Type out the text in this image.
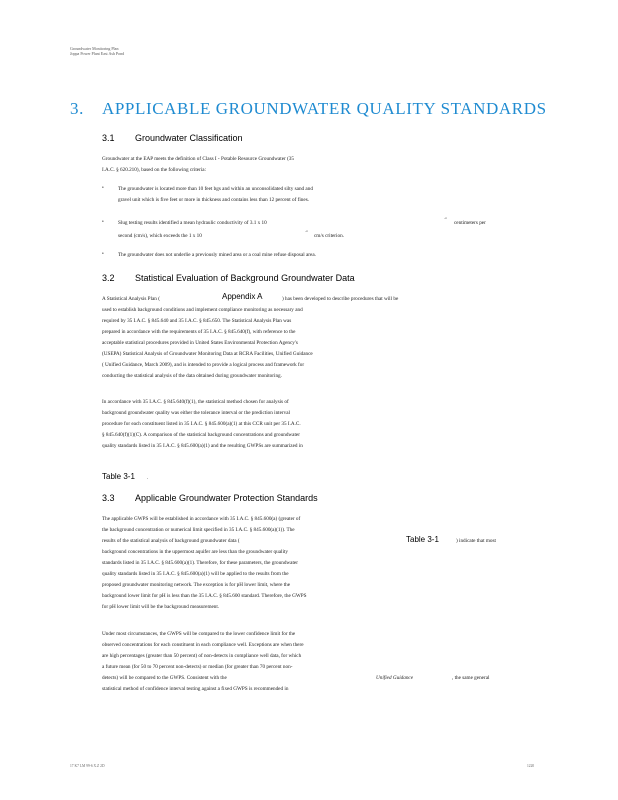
Groundwater Monitoring Plan
Joppa Power Plant East Ash Pond
3. APPLICABLE GROUNDWATER QUALITY STANDARDS
3.1 Groundwater Classification
Groundwater at the EAP meets the definition of Class I - Potable Resource Groundwater (35
I.A.C. § 620.210), based on the following criteria:
•	The groundwater is located more than 10 feet bgs and within an unconsolidated silty sand and
gravel unit which is five feet or more in thickness and contains less than 12 percent of fines.
•	Slug testing results identified a mean hydraulic conductivity of 3.1 x 10
-4
centimeters per
second (cm/s), which exceeds the 1 x 10
-4
cm/s criterion.
•	The groundwater does not underlie a previously mined area or a coal mine refuse disposal area.
3.2 Statistical Evaluation of Background Groundwater Data
A Statistical Analysis Plan (	Appendix A	) has been developed to describe procedures that will be
used to establish background conditions and implement compliance monitoring as necessary and
required by 35 I.A.C. § 845.640 and 35 I.A.C. § 845.650. The Statistical Analysis Plan was
prepared in accordance with the requirements of 35 I.A.C. § 845.640(f), with reference to the
acceptable statistical procedures provided in United States Environmental Protection Agency's
(USEPA) Statistical Analysis of Groundwater Monitoring Data at RCRA Facilities, Unified Guidance
( Unified Guidance, March 2009), and is intended to provide a logical process and framework for
conducting the statistical analysis of the data obtained during groundwater monitoring.
In accordance with 35 I.A.C. § 845.640(f)(1), the statistical method chosen for analysis of
background groundwater quality was either the tolerance interval or the prediction interval
procedure for each constituent listed in 35 I.A.C. § 845.600(a)(1) at this CCR unit per 35 I.A.C.
§ 845.640(f)(1)(C). A comparison of the statistical background concentrations and groundwater
quality standards listed in 35 I.A.C. § 845.600(a)(1) and the resulting GWPSs are summarized in
Table 3-1 .
3.3 Applicable Groundwater Protection Standards
The applicable GWPS will be established in accordance with 35 I.A.C. § 845.600(a) (greater of
the background concentration or numerical limit specified in 35 I.A.C. § 845.600(a)(1)). The
results of the statistical analysis of background groundwater data (	Table 3-1	) indicate that most
background concentrations in the uppermost aquifer are less than the groundwater quality
standards listed in 35 I.A.C. § 845.600(a)(1). Therefore, for these parameters, the groundwater
quality standards listed in 35 I.A.C. § 845.600(a)(1) will be applied to the results from the
proposed groundwater monitoring network. The exception is for pH lower limit, where the
background lower limit for pH is less than the 35 I.A.C. § 845.600 standard. Therefore, the GWPS
for pH lower limit will be the background measurement.
Under most circumstances, the GWPS will be compared to the lower confidence limit for the
observed concentrations for each constituent in each compliance well. Exceptions are when there
are high percentages (greater than 50 percent) of non-detects in compliance well data, for which
a future mean (for 50 to 70 percent non-detects) or median (for greater than 70 percent non-
detects) will be compared to the GWPS. Consistent with the	Unified Guidance	, the same general
statistical method of confidence interval testing against a fixed GWPS is recommended in
17 K7 LM 99-6 X.Z 2D	1220
